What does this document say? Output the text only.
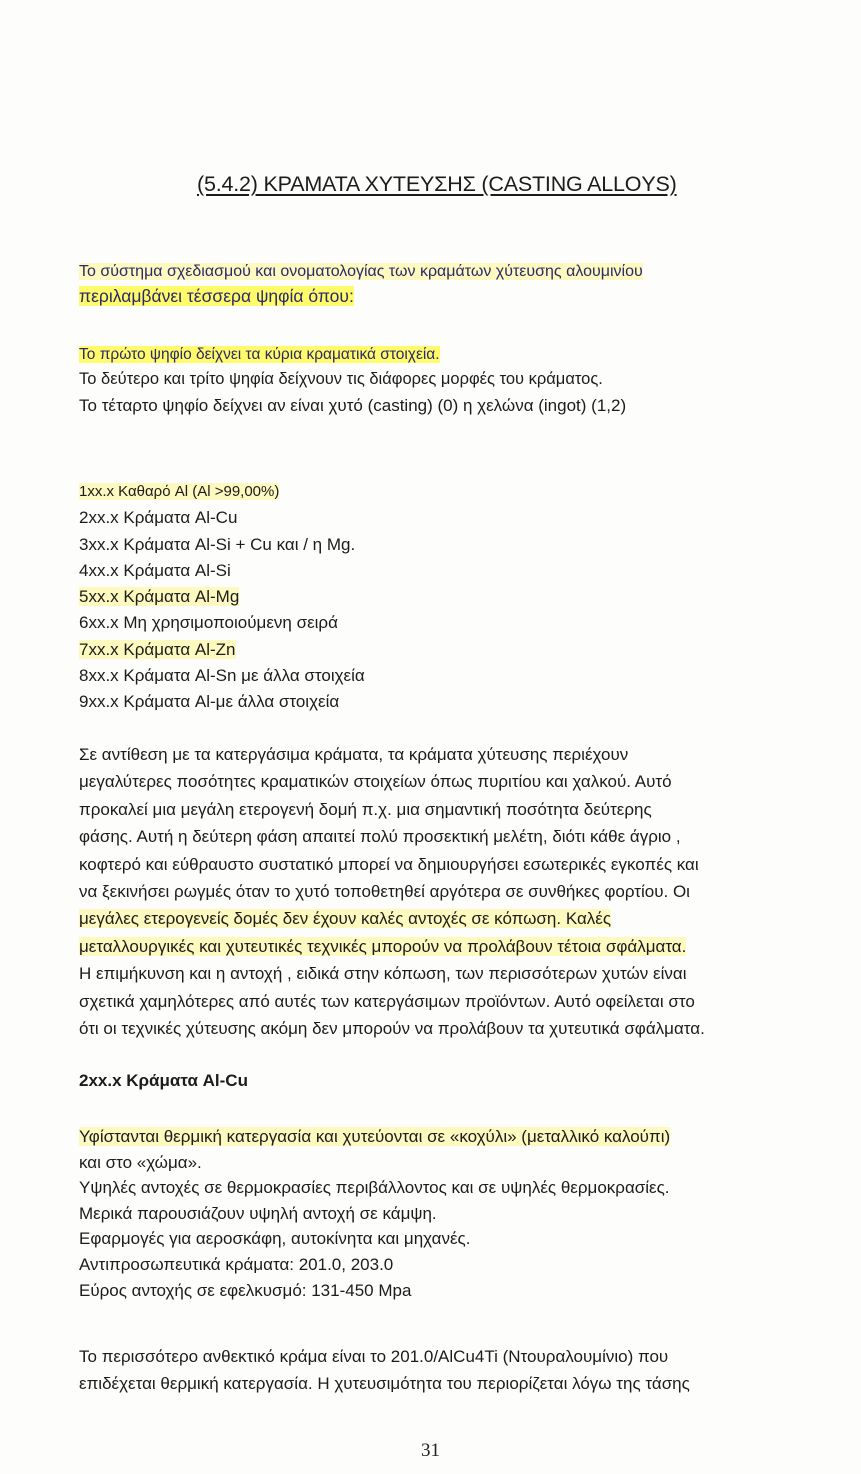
(5.4.2) ΚΡΑΜΑΤΑ ΧΥΤΕΥΣΗΣ (CASTING ALLOYS)

Το σύστημα σχεδιασμού και ονοματολογίας των κραμάτων χύτευσης αλουμινίου

περιλαμβάνει τέσσερα ψηφία όπου:

Το πρώτο ψηφίο δείχνει τα κύρια κραματικά στοιχεία.

Το δεύτερο και τρίτο ψηφία δείχνουν τις διάφορες μορφές του κράματος.

Το τέταρτο ψηφίο δείχνει αν είναι χυτό (casting) (0) η χελώνα (ingot) (1,2)

1xx.x Καθαρό Al (Al >99,00%)
2xx.x Κράματα Al-Cu
3xx.x Κράματα Al-Si + Cu και / η Mg.
4xx.x Κράματα Al-Si
5xx.x Κράματα Al-Mg
6xx.x Μη χρησιμοποιούμενη σειρά
7xx.x Κράματα Al-Zn
8xx.x Κράματα Al-Sn με άλλα στοιχεία
9xx.x Κράματα Al-με άλλα στοιχεία
Σε αντίθεση με τα κατεργάσιμα κράματα, τα κράματα χύτευσης περιέχουν
μεγαλύτερες ποσότητες κραματικών στοιχείων όπως πυριτίου και χαλκού. Αυτό
προκαλεί μια μεγάλη ετερογενή δομή π.χ. μια σημαντική ποσότητα δεύτερης
φάσης. Αυτή η δεύτερη φάση απαιτεί πολύ προσεκτική μελέτη, διότι κάθε άγριο ,
κοφτερό και εύθραυστο συστατικό μπορεί να δημιουργήσει εσωτερικές εγκοπές και
να ξεκινήσει ρωγμές όταν το χυτό τοποθετηθεί αργότερα σε συνθήκες φορτίου. Οι
μεγάλες ετερογενείς δομές δεν έχουν καλές αντοχές σε κόπωση. Καλές
μεταλλουργικές και χυτευτικές τεχνικές μπορούν να προλάβουν τέτοια σφάλματα.
Η επιμήκυνση και η αντοχή , ειδικά στην κόπωση, των περισσότερων χυτών είναι
σχετικά χαμηλότερες από αυτές των κατεργάσιμων προϊόντων. Αυτό οφείλεται στο
ότι οι τεχνικές χύτευσης ακόμη δεν μπορούν να προλάβουν τα χυτευτικά σφάλματα.
2xx.x Κράματα Al-Cu
Υφίστανται θερμική κατεργασία και χυτεύονται σε «κοχύλι» (μεταλλικό καλούπι)
και στο «χώμα».
Υψηλές αντοχές σε θερμοκρασίες περιβάλλοντος και σε υψηλές θερμοκρασίες.
Μερικά παρουσιάζουν υψηλή αντοχή σε κάμψη.
Εφαρμογές για αεροσκάφη, αυτοκίνητα και μηχανές.
Αντιπροσωπευτικά κράματα: 201.0, 203.0
Εύρος αντοχής σε εφελκυσμό: 131-450 Mpa
Το περισσότερο ανθεκτικό κράμα είναι το 201.0/AlCu4Ti (Ντουραλουμίνιο) που
επιδέχεται θερμική κατεργασία. Η χυτευσιμότητα του περιορίζεται λόγω της τάσης
31
